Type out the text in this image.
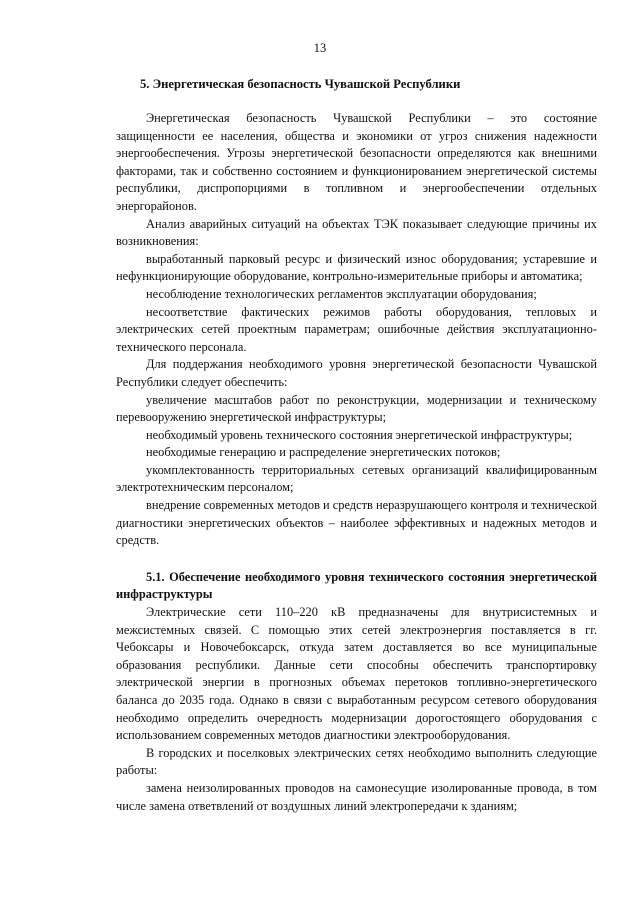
13
5. Энергетическая безопасность Чувашской Республики

Энергетическая безопасность Чувашской Республики – это состояние защищенности ее населения, общества и экономики от угроз снижения надежности энергообеспечения. Угрозы энергетической безопасности определяются как внешними факторами, так и собственно состоянием и функционированием энергетической системы республики, диспропорциями в топливном и энергообеспечении отдельных энергорайонов.

Анализ аварийных ситуаций на объектах ТЭК показывает следующие причины их возникновения:

выработанный парковый ресурс и физический износ оборудования; устаревшие и нефункционирующие оборудование, контрольно-измерительные приборы и автоматика;

несоблюдение технологических регламентов эксплуатации оборудования;

несоответствие фактических режимов работы оборудования, тепловых и электрических сетей проектным параметрам; ошибочные действия эксплуатационно-технического персонала.

Для поддержания необходимого уровня энергетической безопасности Чувашской Республики следует обеспечить:

увеличение масштабов работ по реконструкции, модернизации и техническому перевооружению энергетической инфраструктуры;

необходимый уровень технического состояния энергетической инфраструктуры;

необходимые генерацию и распределение энергетических потоков;

укомплектованность территориальных сетевых организаций квалифицированным электротехническим персоналом;

внедрение современных методов и средств неразрушающего контроля и технической диагностики энергетических объектов – наиболее эффективных и надежных методов и средств.

5.1. Обеспечение необходимого уровня технического состояния энергетической инфраструктуры

Электрические сети 110–220 кВ предназначены для внутрисистемных и межсистемных связей. С помощью этих сетей электроэнергия поставляется в гг. Чебоксары и Новочебоксарск, откуда затем доставляется во все муниципальные образования республики. Данные сети способны обеспечить транспортировку электрической энергии в прогнозных объемах перетоков топливно-энергетического баланса до 2035 года. Однако в связи с выработанным ресурсом сетевого оборудования необходимо определить очередность модернизации дорогостоящего оборудования с использованием современных методов диагностики электрооборудования.

В городских и поселковых электрических сетях необходимо выполнить следующие работы:

замена неизолированных проводов на самонесущие изолированные провода, в том числе замена ответвлений от воздушных линий электропередачи к зданиям;
